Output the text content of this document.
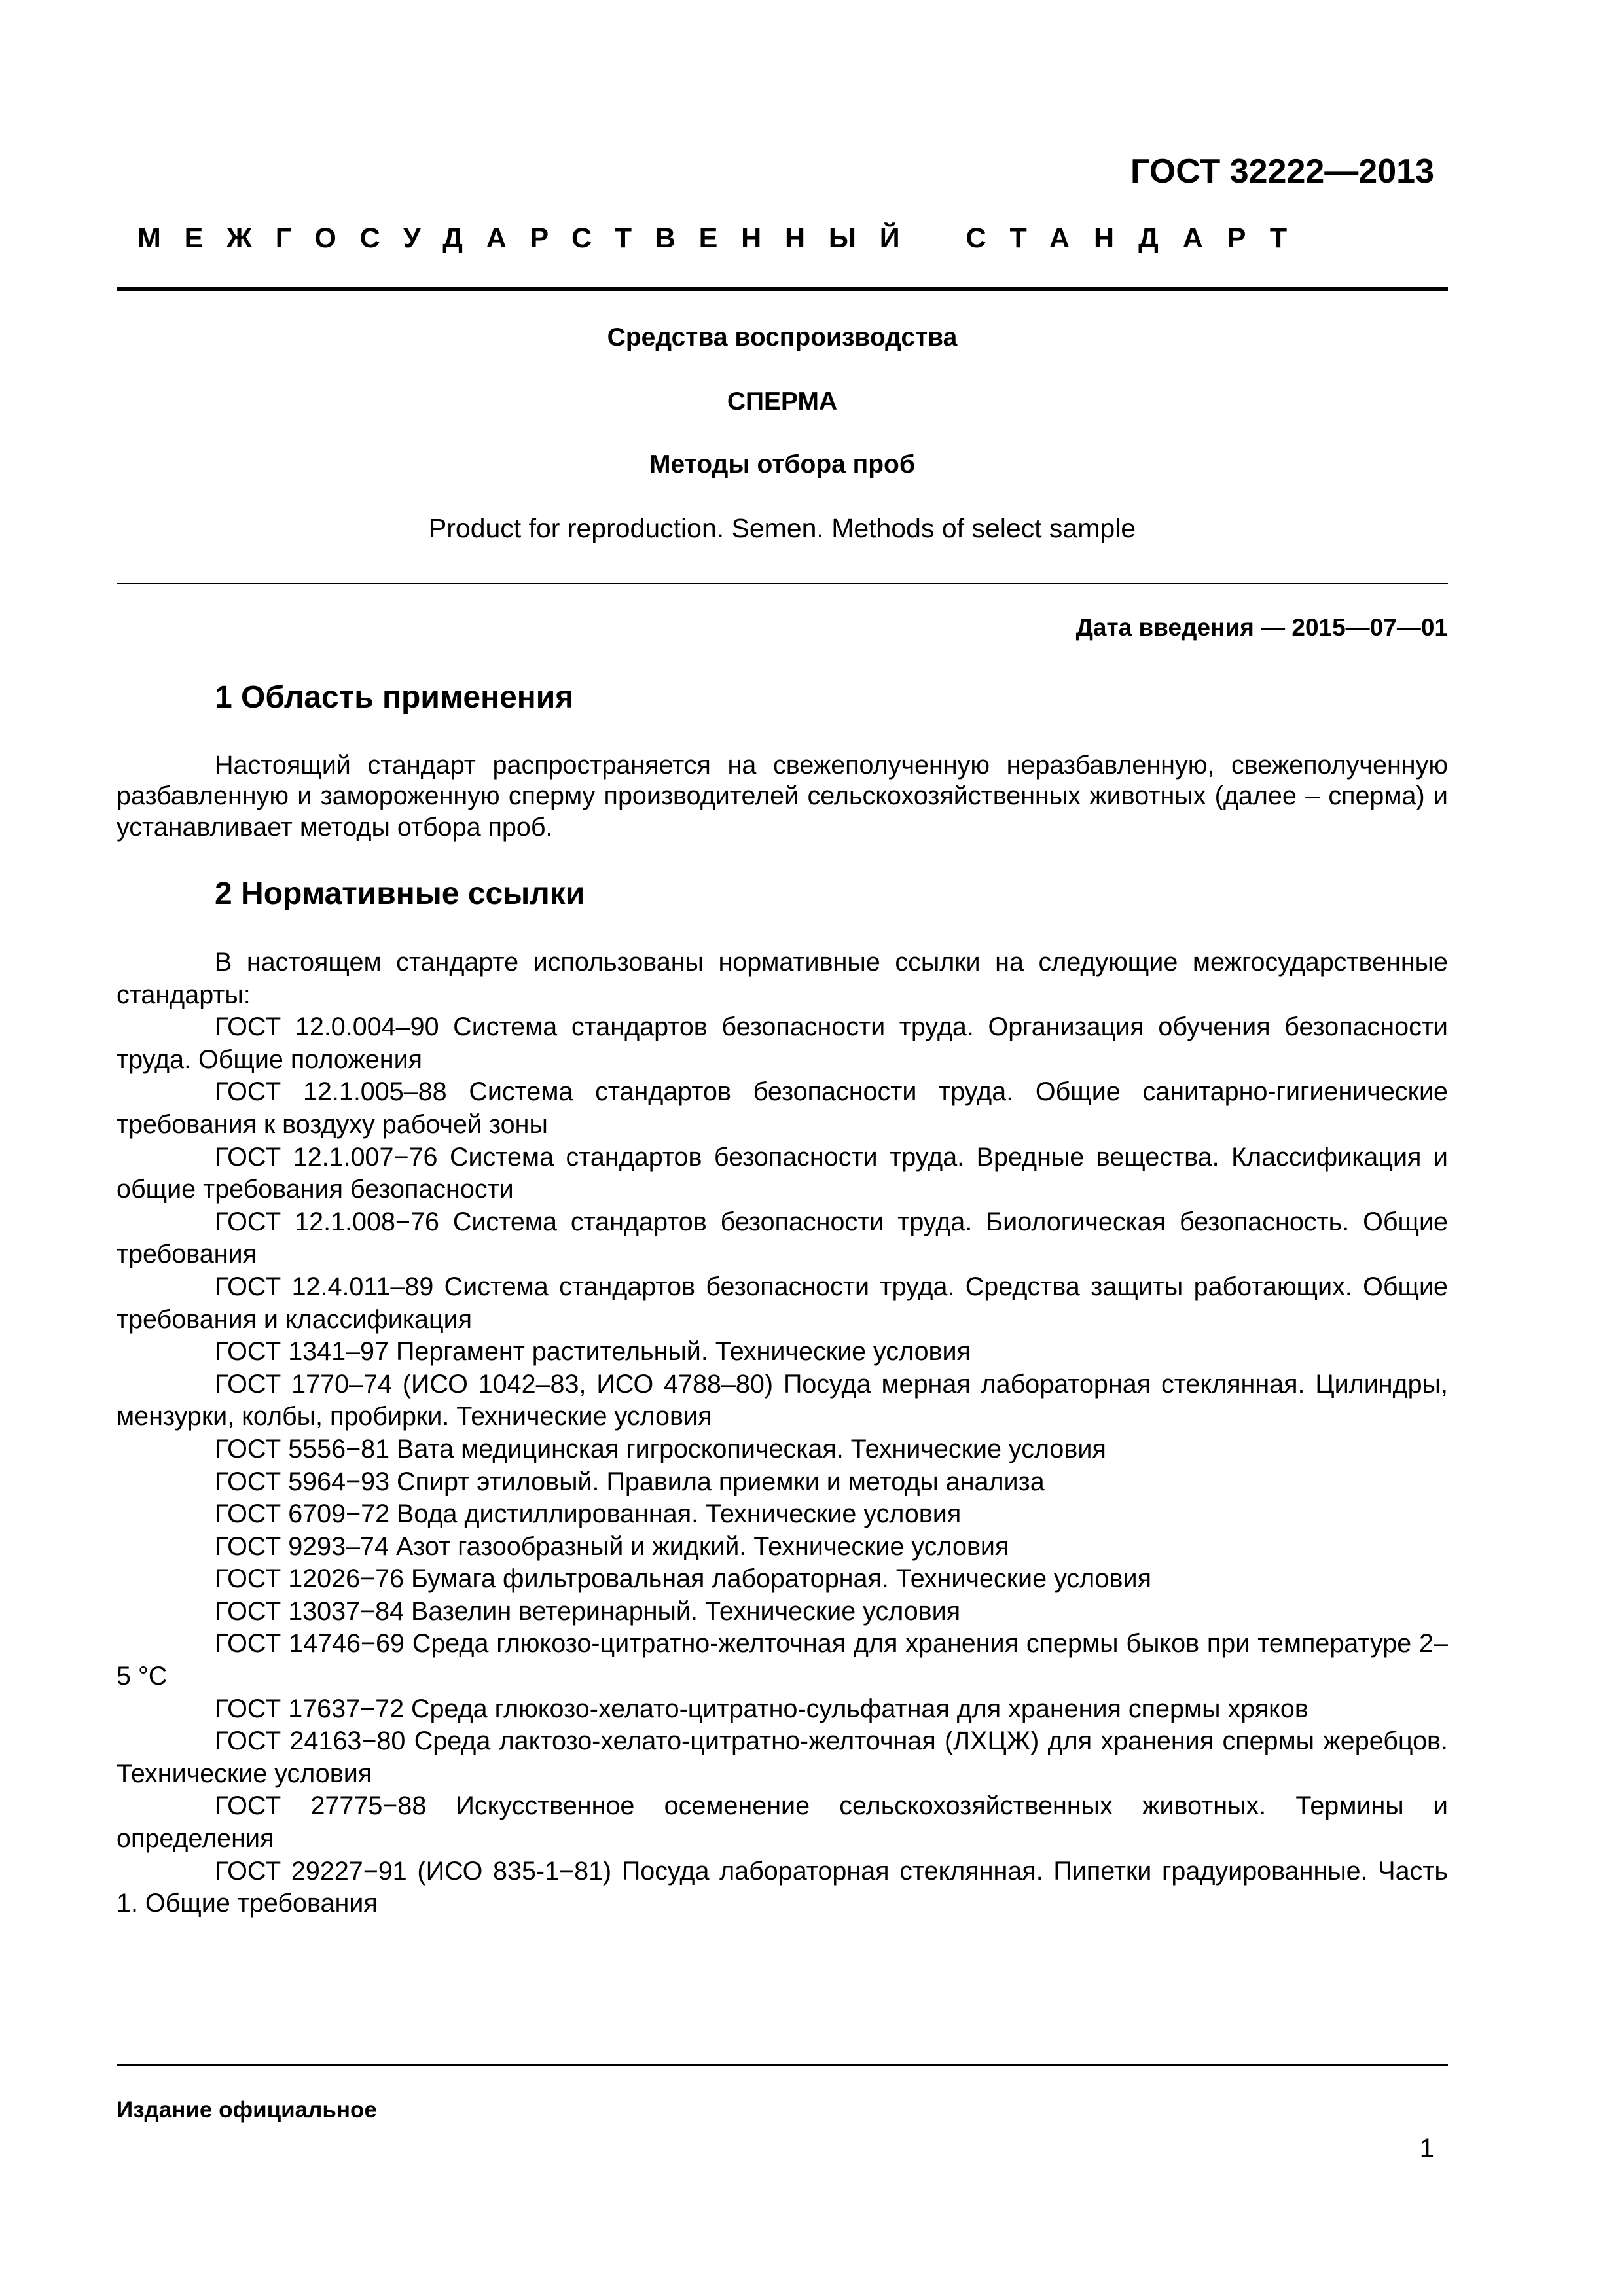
ГОСТ 32222—2013
МЕЖГОСУДАРСТВЕННЫЙ СТАНДАРТ
Средства воспроизводства
СПЕРМА
Методы отбора проб
Product for reproduction. Semen. Methods of select sample
Дата введения — 2015—07—01
1 Область применения

Настоящий стандарт распространяется на свежеполученную неразбавленную, свежеполученную разбавленную и замороженную сперму производителей сельскохозяйственных животных (далее – сперма) и устанавливает методы отбора проб.

2 Нормативные ссылки

В настоящем стандарте использованы нормативные ссылки на следующие межгосударственные стандарты:

ГОСТ 12.0.004–90 Система стандартов безопасности труда. Организация обучения безопасности труда. Общие положения

ГОСТ 12.1.005–88 Система стандартов безопасности труда. Общие санитарно-гигиенические требования к воздуху рабочей зоны

ГОСТ 12.1.007−76 Система стандартов безопасности труда. Вредные вещества. Классификация и общие требования безопасности

ГОСТ 12.1.008−76 Система стандартов безопасности труда. Биологическая безопасность. Общие требования

ГОСТ 12.4.011–89 Система стандартов безопасности труда. Средства защиты работающих. Общие требования и классификация

ГОСТ 1341–97 Пергамент растительный. Технические условия

ГОСТ 1770–74 (ИСО 1042–83, ИСО 4788–80) Посуда мерная лабораторная стеклянная. Цилиндры, мензурки, колбы, пробирки. Технические условия

ГОСТ 5556−81 Вата медицинская гигроскопическая. Технические условия

ГОСТ 5964−93 Спирт этиловый. Правила приемки и методы анализа

ГОСТ 6709−72 Вода дистиллированная. Технические условия

ГОСТ 9293–74 Азот газообразный и жидкий. Технические условия

ГОСТ 12026−76 Бумага фильтровальная лабораторная. Технические условия

ГОСТ 13037−84 Вазелин ветеринарный. Технические условия

ГОСТ 14746−69 Среда глюкозо-цитратно-желточная для хранения спермы быков при температуре 2–5 °С

ГОСТ 17637−72 Среда глюкозо-хелато-цитратно-сульфатная для хранения спермы хряков

ГОСТ 24163−80 Среда лактозо-хелато-цитратно-желточная (ЛХЦЖ) для хранения спермы жеребцов. Технические условия

ГОСТ 27775−88 Искусственное осеменение сельскохозяйственных животных. Термины и определения

ГОСТ 29227−91 (ИСО 835-1−81) Посуда лабораторная стеклянная. Пипетки градуированные. Часть 1. Общие требования

Издание официальное
1
